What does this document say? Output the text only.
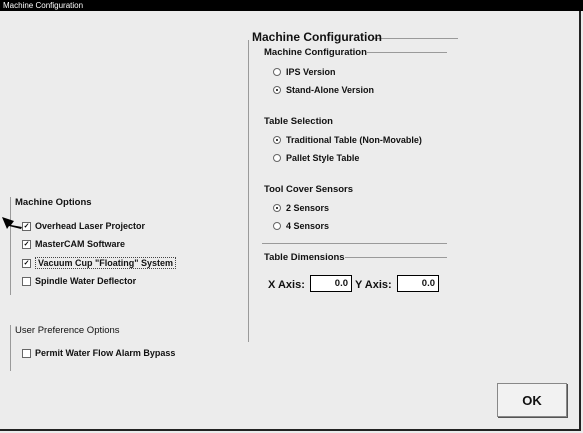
Machine Configuration
Machine Options
✓ Overhead Laser Projector
✓ MasterCAM Software
✓ Vacuum Cup "Floating" System
Spindle Water Deflector
User Preference Options
Permit Water Flow Alarm Bypass
Machine Configuration
Machine Configuration
IPS Version
Stand-Alone Version
Table Selection
Traditional Table (Non-Movable)
Pallet Style Table
Tool Cover Sensors
2 Sensors
4 Sensors
Table Dimensions
X Axis:	0.0 Y Axis:	0.0
OK
